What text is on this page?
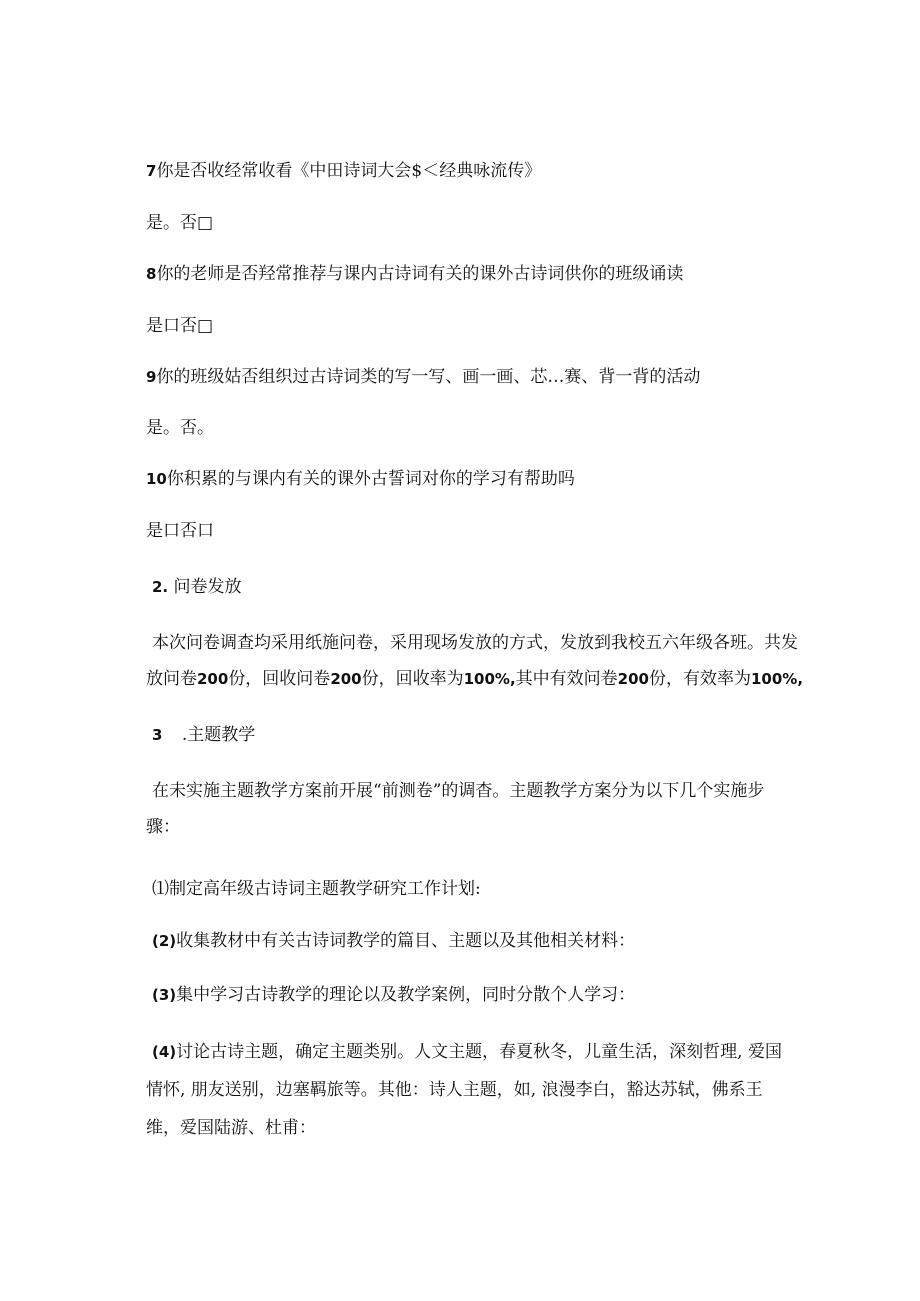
7你是否收经常收看《中田诗词大会$＜经典咏流传》
是。否□
8你的老师是否羟常推荐与课内古诗词有关的课外古诗词供你的班级诵读
是口否□
9你的班级姑否组织过古诗词类的写一写、画一画、芯…赛、背一背的活动
是。否。
10你积累的与课内有关的课外古誓词对你的学习有帮助吗
是口否口
2. 问卷发放
本次问卷调查均采用纸施问卷，采用现场发放的方式，发放到我校五六年级各班。共发
放问卷200份，回收问卷200份，回收率为100%,其中有效问卷200份，有效率为100%,
3 .主题教学
在未实施主题教学方案前开展“前测卷”的调杳。主题教学方案分为以下几个实施步
骤：
⑴制定高年级古诗词主题教学研究工作计划:
(2)收集教材中有关古诗词教学的篇目、主题以及其他相关材料：
(3)集中学习古诗教学的理论以及教学案例，同时分散个人学习：
(4)讨论古诗主题，确定主题类别。人文主题，春夏秋冬，儿童生活，深刻哲理, 爱国情怀, 朋友送别，边塞羁旅等。其他：诗人主题，如, 浪漫李白，豁达苏轼，佛系王维，爱国陆游、杜甫：
